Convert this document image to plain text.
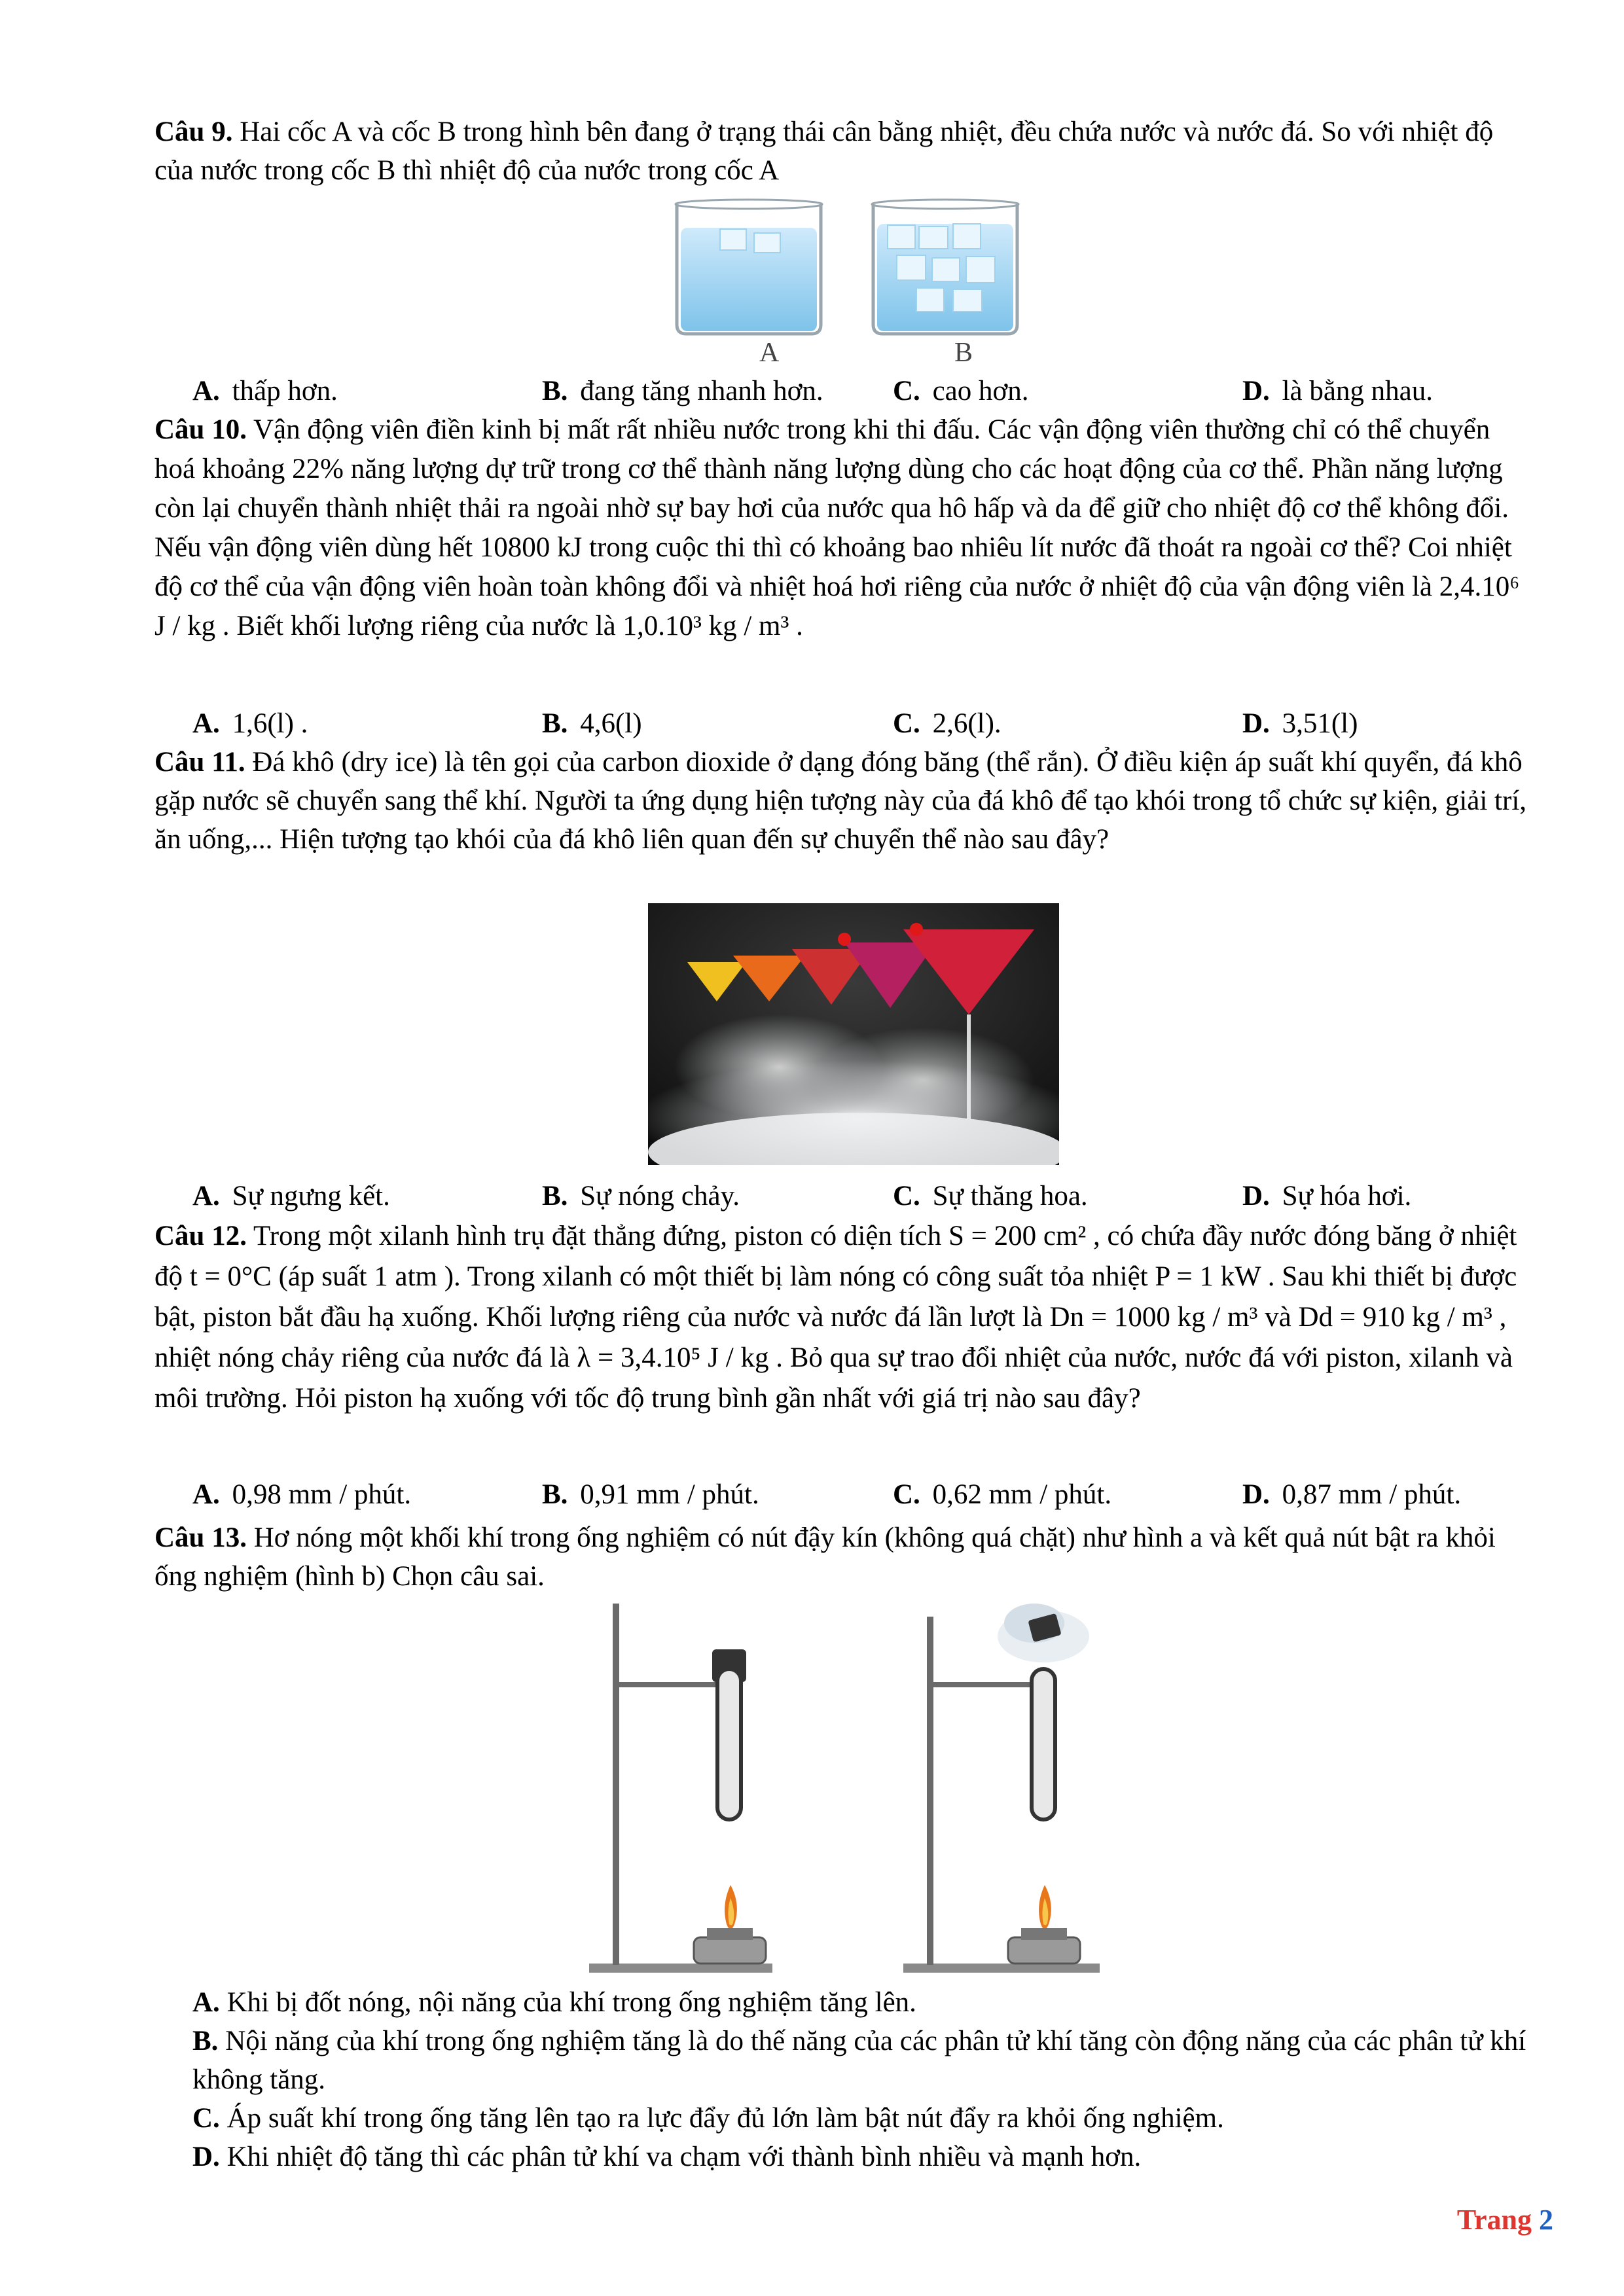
Câu 9. Hai cốc A và cốc B trong hình bên đang ở trạng thái cân bằng nhiệt, đều chứa nước và nước đá. So với nhiệt độ của nước trong cốc B thì nhiệt độ của nước trong cốc A
A	B
A. thấp hơn.	B. đang tăng nhanh hơn. C. cao hơn.	D. là bằng nhau.
Câu 10. Vận động viên điền kinh bị mất rất nhiều nước trong khi thi đấu. Các vận động viên thường chỉ có thể chuyển hoá khoảng 22% năng lượng dự trữ trong cơ thể thành năng lượng dùng cho các hoạt động của cơ thể. Phần năng lượng còn lại chuyển thành nhiệt thải ra ngoài nhờ sự bay hơi của nước qua hô hấp và da để giữ cho nhiệt độ cơ thể không đổi. Nếu vận động viên dùng hết 10800 kJ trong cuộc thi thì có khoảng bao nhiêu lít nước đã thoát ra ngoài cơ thể? Coi nhiệt độ cơ thể của vận động viên hoàn toàn không đổi và nhiệt hoá hơi riêng của nước ở nhiệt độ của vận động viên là 2,4.10⁶ J / kg . Biết khối lượng riêng của nước là 1,0.10³ kg / m³ .
A. 1,6(l) .	B. 4,6(l)	C. 2,6(l).	D. 3,51(l)
Câu 11. Đá khô (dry ice) là tên gọi của carbon dioxide ở dạng đóng băng (thể rắn). Ở điều kiện áp suất khí quyển, đá khô gặp nước sẽ chuyển sang thể khí. Người ta ứng dụng hiện tượng này của đá khô để tạo khói trong tổ chức sự kiện, giải trí, ăn uống,... Hiện tượng tạo khói của đá khô liên quan đến sự chuyển thể nào sau đây?
A. Sự ngưng kết.	B. Sự nóng chảy.	C. Sự thăng hoa.	D. Sự hóa hơi.
Câu 12. Trong một xilanh hình trụ đặt thẳng đứng, piston có diện tích S = 200 cm² , có chứa đầy nước đóng băng ở nhiệt độ t = 0°C (áp suất 1 atm ). Trong xilanh có một thiết bị làm nóng có công suất tỏa nhiệt P = 1 kW . Sau khi thiết bị được bật, piston bắt đầu hạ xuống. Khối lượng riêng của nước và nước đá lần lượt là Dn = 1000 kg / m³ và Dd = 910 kg / m³ , nhiệt nóng chảy riêng của nước đá là λ = 3,4.10⁵ J / kg . Bỏ qua sự trao đổi nhiệt của nước, nước đá với piston, xilanh và môi trường. Hỏi piston hạ xuống với tốc độ trung bình gần nhất với giá trị nào sau đây?
A. 0,98 mm / phút.	B. 0,91 mm / phút.	C. 0,62 mm / phút.	D. 0,87 mm / phút.
Câu 13. Hơ nóng một khối khí trong ống nghiệm có nút đậy kín (không quá chặt) như hình a và kết quả nút bật ra khỏi ống nghiệm (hình b) Chọn câu sai.
A. Khi bị đốt nóng, nội năng của khí trong ống nghiệm tăng lên.
B. Nội năng của khí trong ống nghiệm tăng là do thế năng của các phân tử khí tăng còn động năng của các phân tử khí không tăng.
C. Áp suất khí trong ống tăng lên tạo ra lực đẩy đủ lớn làm bật nút đẩy ra khỏi ống nghiệm.
D. Khi nhiệt độ tăng thì các phân tử khí va chạm với thành bình nhiều và mạnh hơn.
Trang 2
